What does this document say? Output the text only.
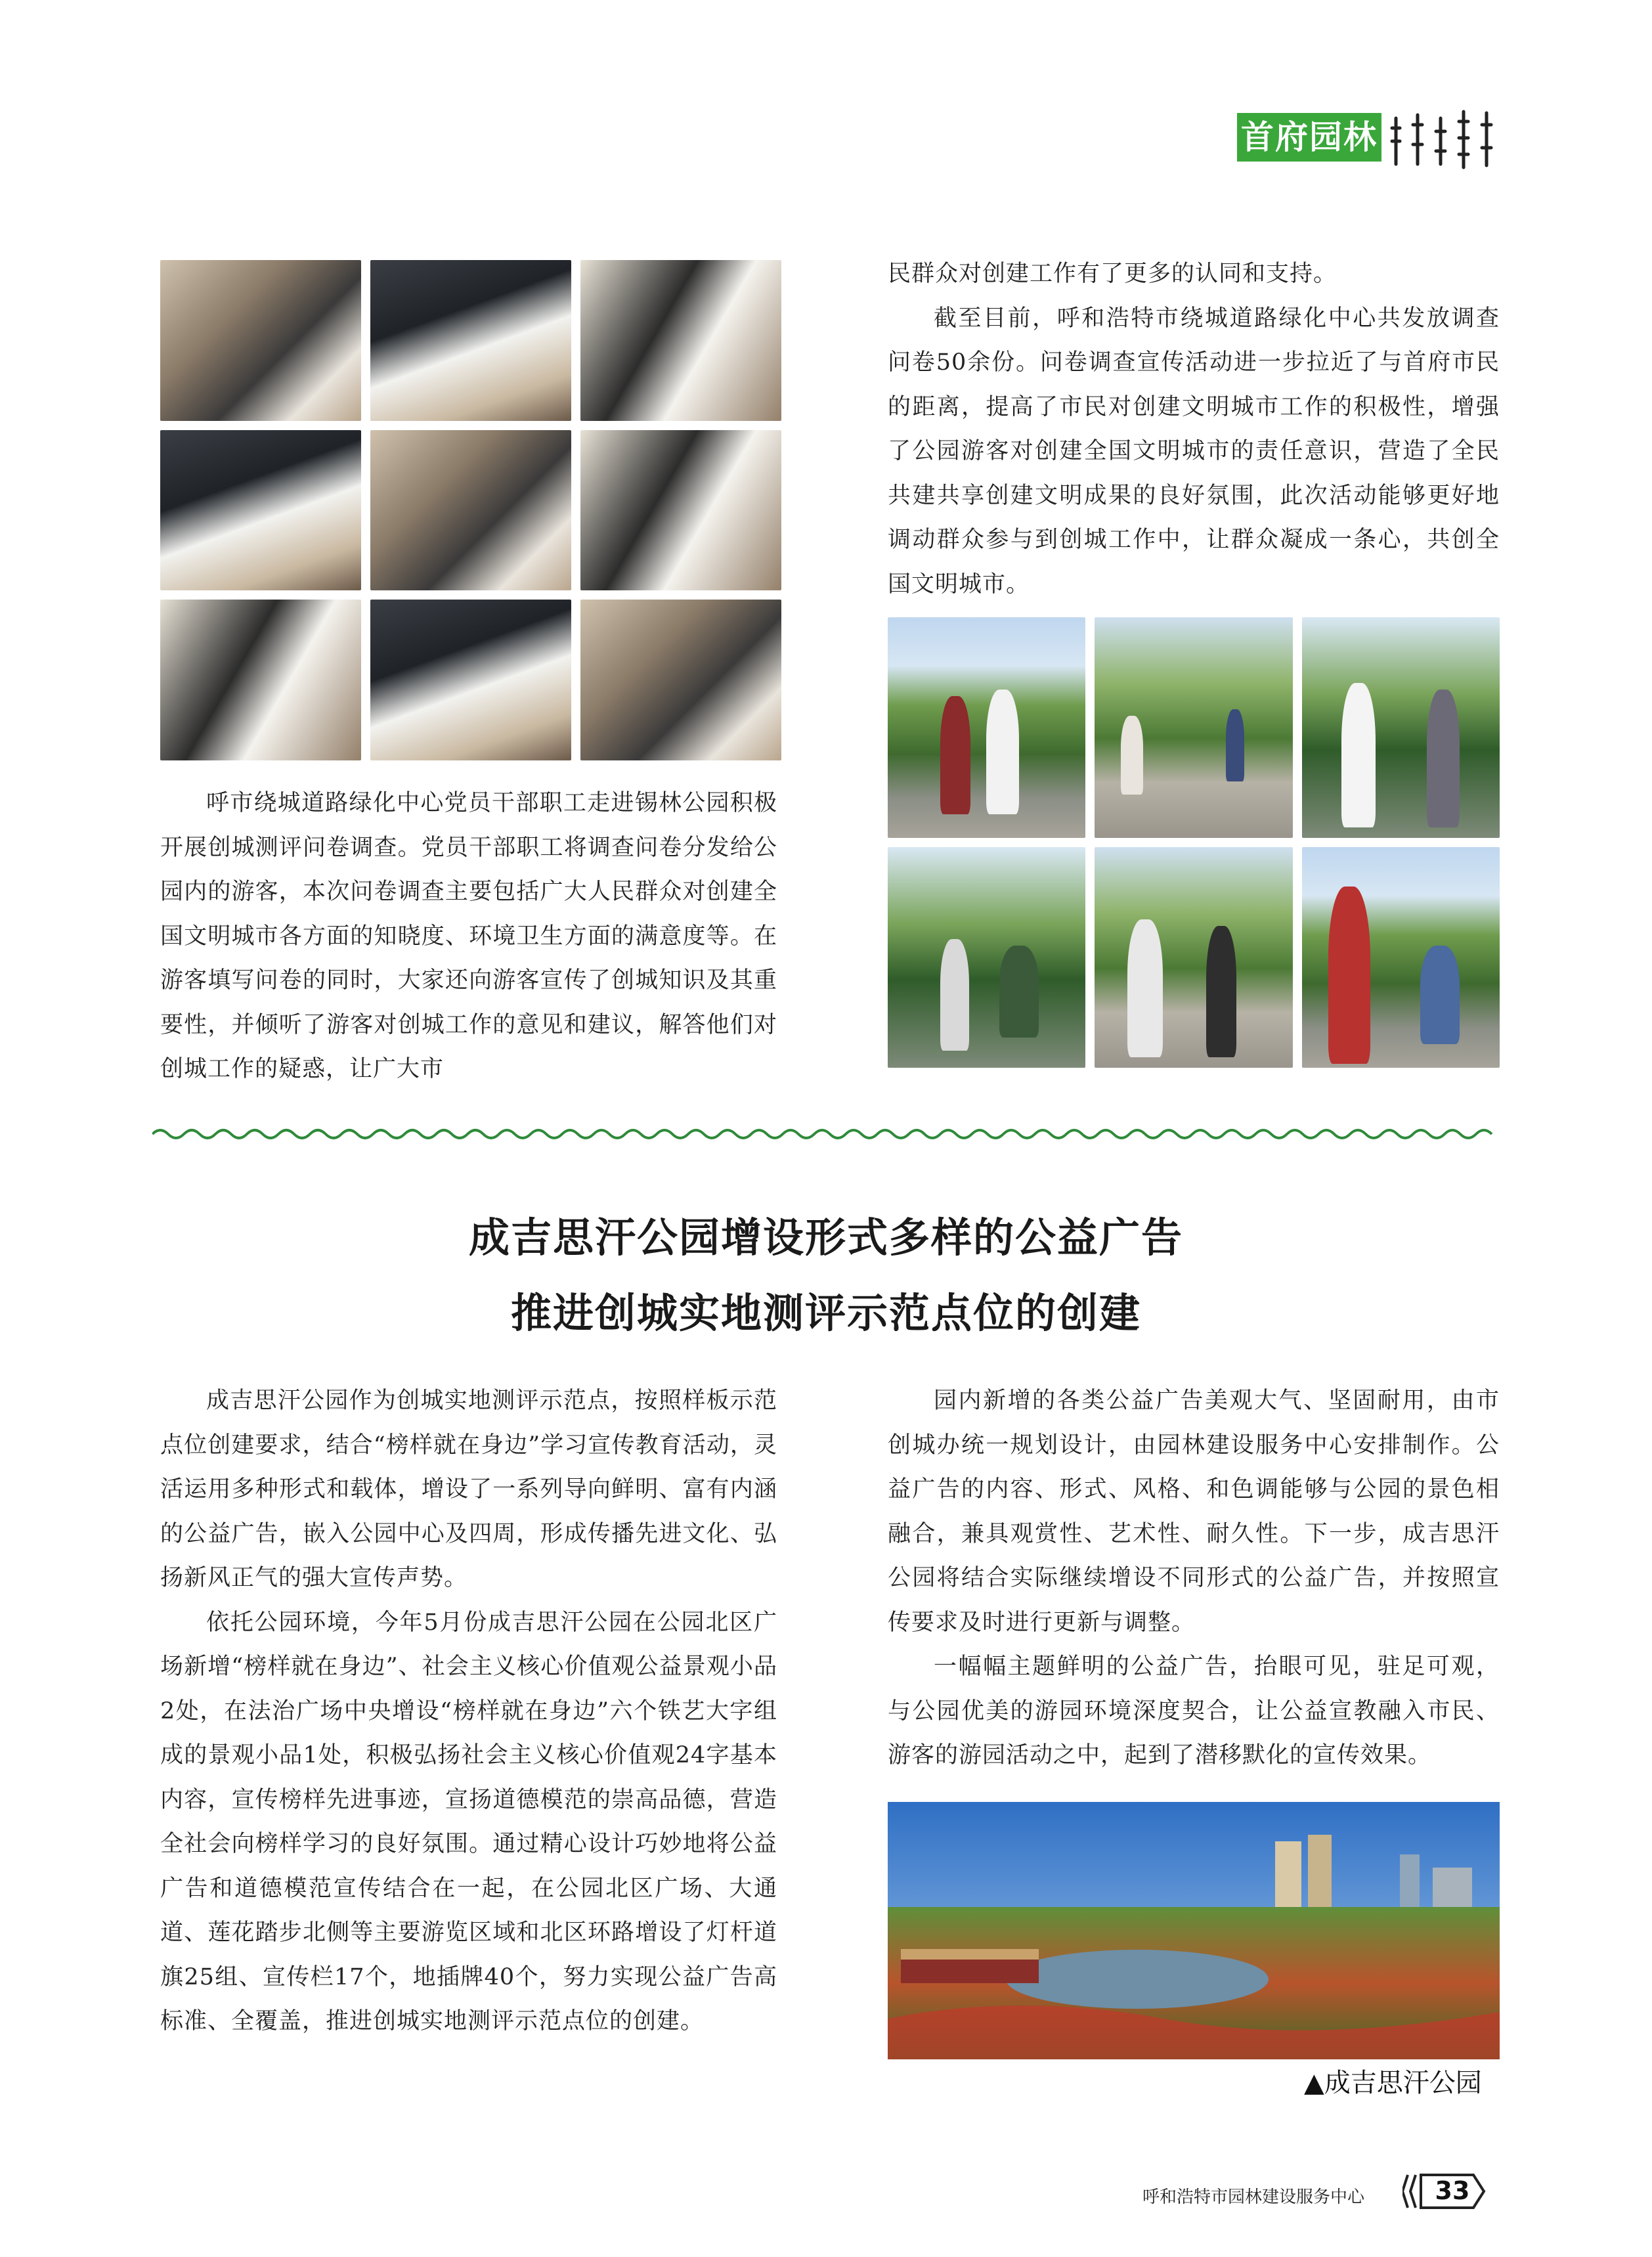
首府园林

呼市绕城道路绿化中心党员干部职工走进锡林公园积极开展创城测评问卷调查。党员干部职工将调查问卷分发给公园内的游客，本次问卷调查主要包括广大人民群众对创建全国文明城市各方面的知晓度、环境卫生方面的满意度等。在游客填写问卷的同时，大家还向游客宣传了创城知识及其重要性，并倾听了游客对创城工作的意见和建议，解答他们对创城工作的疑惑，让广大市

民群众对创建工作有了更多的认同和支持。

截至目前，呼和浩特市绕城道路绿化中心共发放调查问卷50余份。问卷调查宣传活动进一步拉近了与首府市民的距离，提高了市民对创建文明城市工作的积极性，增强了公园游客对创建全国文明城市的责任意识，营造了全民共建共享创建文明成果的良好氛围，此次活动能够更好地调动群众参与到创城工作中，让群众凝成一条心，共创全国文明城市。

成吉思汗公园增设形式多样的公益广告
推进创城实地测评示范点位的创建

成吉思汗公园作为创城实地测评示范点，按照样板示范点位创建要求，结合“榜样就在身边”学习宣传教育活动，灵活运用多种形式和载体，增设了一系列导向鲜明、富有内涵的公益广告，嵌入公园中心及四周，形成传播先进文化、弘扬新风正气的强大宣传声势。

依托公园环境，今年5月份成吉思汗公园在公园北区广场新增“榜样就在身边”、社会主义核心价值观公益景观小品2处，在法治广场中央增设“榜样就在身边”六个铁艺大字组成的景观小品1处，积极弘扬社会主义核心价值观24字基本内容，宣传榜样先进事迹，宣扬道德模范的崇高品德，营造全社会向榜样学习的良好氛围。通过精心设计巧妙地将公益广告和道德模范宣传结合在一起，在公园北区广场、大通道、莲花踏步北侧等主要游览区域和北区环路增设了灯杆道旗25组、宣传栏17个，地插牌40个，努力实现公益广告高标准、全覆盖，推进创城实地测评示范点位的创建。

园内新增的各类公益广告美观大气、坚固耐用，由市创城办统一规划设计，由园林建设服务中心安排制作。公益广告的内容、形式、风格、和色调能够与公园的景色相融合，兼具观赏性、艺术性、耐久性。下一步，成吉思汗公园将结合实际继续增设不同形式的公益广告，并按照宣传要求及时进行更新与调整。

一幅幅主题鲜明的公益广告，抬眼可见，驻足可观，与公园优美的游园环境深度契合，让公益宣教融入市民、游客的游园活动之中，起到了潜移默化的宣传效果。

▲成吉思汗公园
呼和浩特市园林建设服务中心	33
